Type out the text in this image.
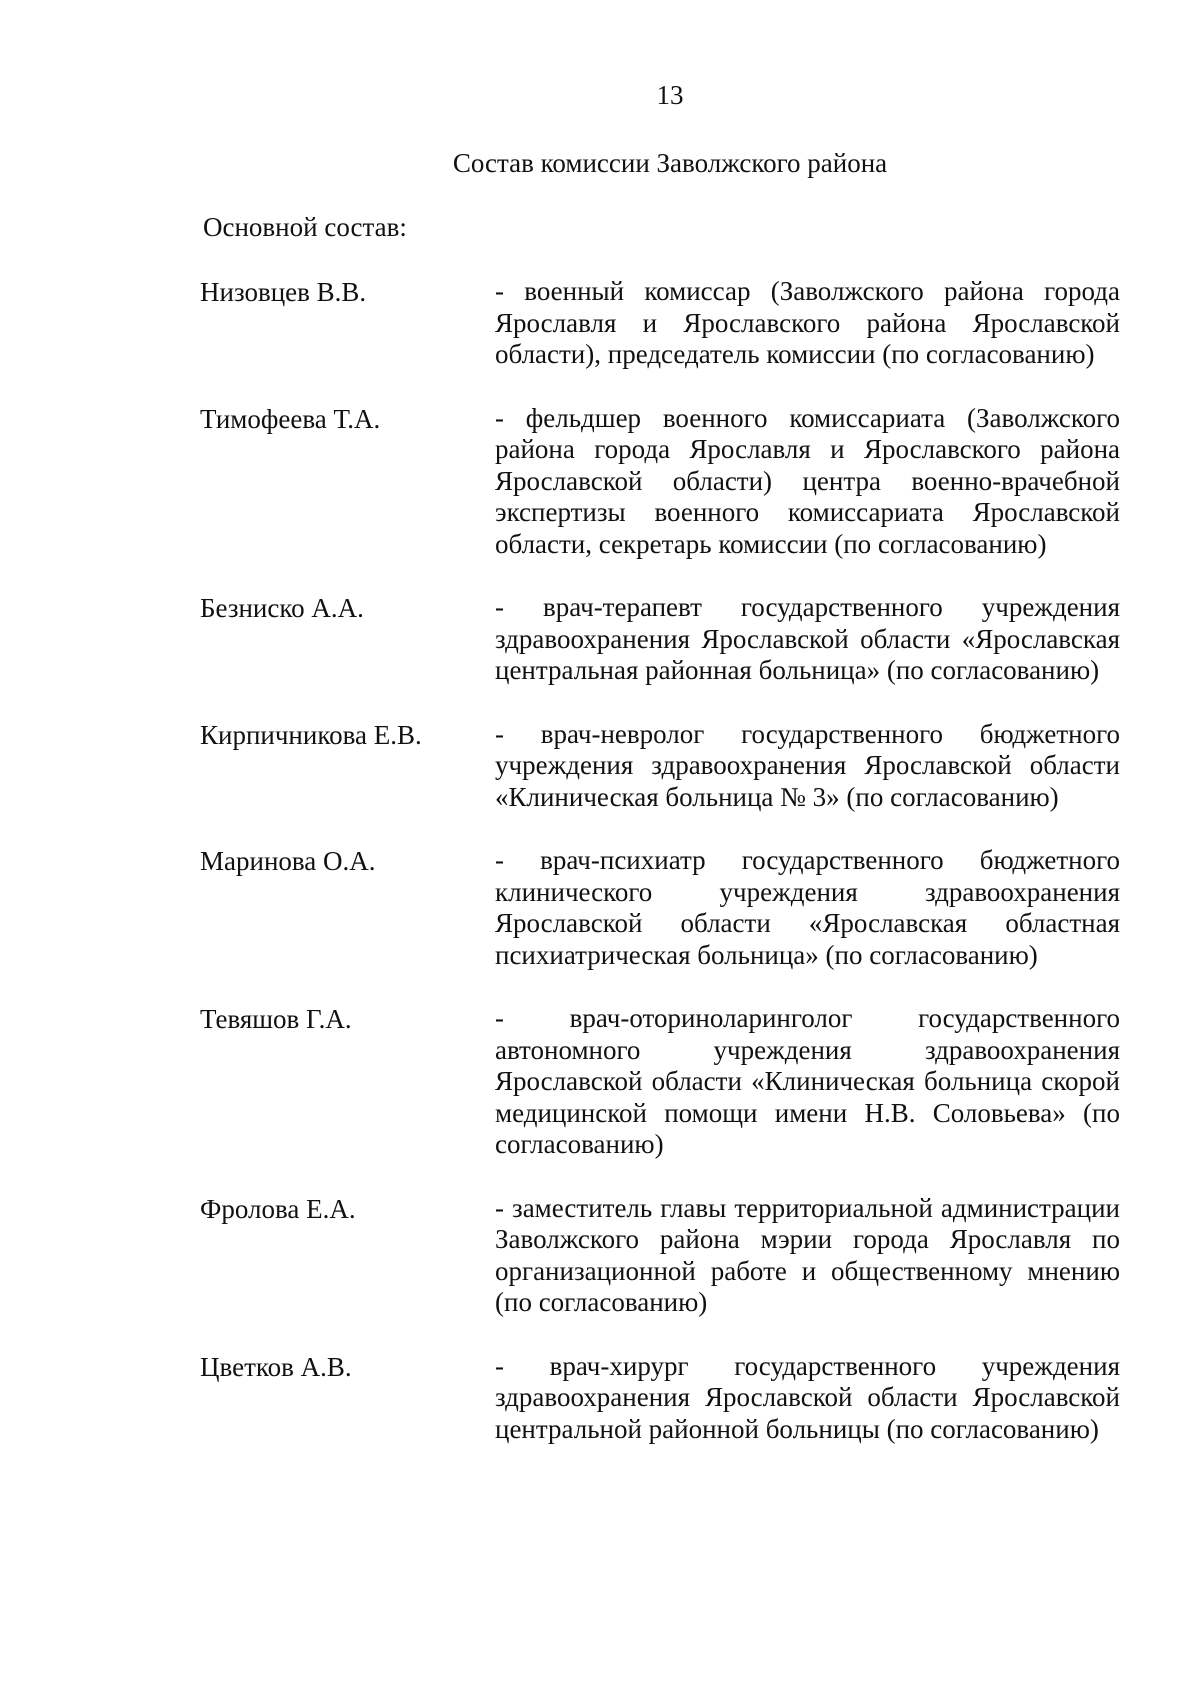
13
Состав комиссии Заволжского района
Основной состав:
Низовцев В.В.	- военный комиссар (Заволжского района города Ярославля и Ярославского района Ярославской области), председатель комиссии (по согласованию)
Тимофеева Т.А.	- фельдшер военного комиссариата (Заволжского района города Ярославля и Ярославского района Ярославской области) центра военно-врачебной экспертизы военного комиссариата Ярославской области, секретарь комиссии (по согласованию)
Безниско А.А.	- врач-терапевт государственного учреждения здравоохранения Ярославской области «Ярославская центральная районная больница» (по согласованию)
Кирпичникова Е.В.	- врач-невролог государственного бюджетного учреждения здравоохранения Ярославской области «Клиническая больница № 3» (по согласованию)
Маринова О.А.	- врач-психиатр государственного бюджетного клинического учреждения здравоохранения Ярославской области «Ярославская областная психиатрическая больница» (по согласованию)
Тевяшов Г.А.	- врач-оториноларинголог государственного автономного учреждения здравоохранения Ярославской области «Клиническая больница скорой медицинской помощи имени Н.В. Соловьева» (по согласованию)
Фролова Е.А.	- заместитель главы территориальной администрации Заволжского района мэрии города Ярославля по организационной работе и общественному мнению (по согласованию)
Цветков А.В.	- врач-хирург государственного учреждения здравоохранения Ярославской области Ярославской центральной районной больницы (по согласованию)
